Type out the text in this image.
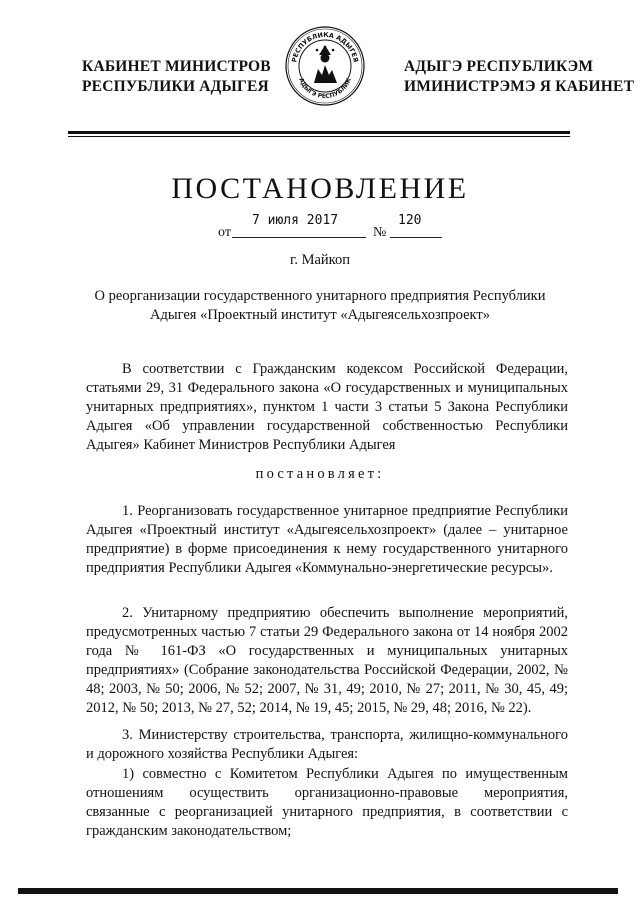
КАБИНЕТ МИНИСТРОВ
РЕСПУБЛИКИ АДЫГЕЯ
РЕСПУБЛИКА АДЫГЕЯ
АДЫГЭ РЕСПУБЛИК
АДЫГЭ РЕСПУБЛИКЭМ
ИМИНИСТРЭМЭ Я КАБИНЕТ
ПОСТАНОВЛЕНИЕ
от
7 июля 2017
№
120
г. Майкоп
О реорганизации государственного унитарного предприятия Республики Адыгея «Проектный институт «Адыгеясельхозпроект»

В соответствии с Гражданским кодексом Российской Федерации, статьями 29, 31 Федерального закона «О государственных и муниципальных унитарных предприятиях», пунктом 1 части 3 статьи 5 Закона Республики Адыгея «Об управлении государственной собственностью Республики Адыгея» Кабинет Министров Республики Адыгея

постановляет:

1. Реорганизовать государственное унитарное предприятие Республики Адыгея «Проектный институт «Адыгеясельхозпроект» (далее – унитарное предприятие) в форме присоединения к нему государственного унитарного предприятия Республики Адыгея «Коммунально-энергетические ресурсы».

2. Унитарному предприятию обеспечить выполнение мероприятий, предусмотренных частью 7 статьи 29 Федерального закона от 14 ноября 2002 года № 161-ФЗ «О государственных и муниципальных унитарных предприятиях» (Собрание законодательства Российской Федерации, 2002, № 48; 2003, № 50; 2006, № 52; 2007, № 31, 49; 2010, № 27; 2011, № 30, 45, 49; 2012, № 50; 2013, № 27, 52; 2014, № 19, 45; 2015, № 29, 48; 2016, № 22).

3. Министерству строительства, транспорта, жилищно-коммунального и дорожного хозяйства Республики Адыгея:

1) совместно с Комитетом Республики Адыгея по имущественным отношениям осуществить организационно-правовые мероприятия, связанные с реорганизацией унитарного предприятия, в соответствии с гражданским законодательством;
